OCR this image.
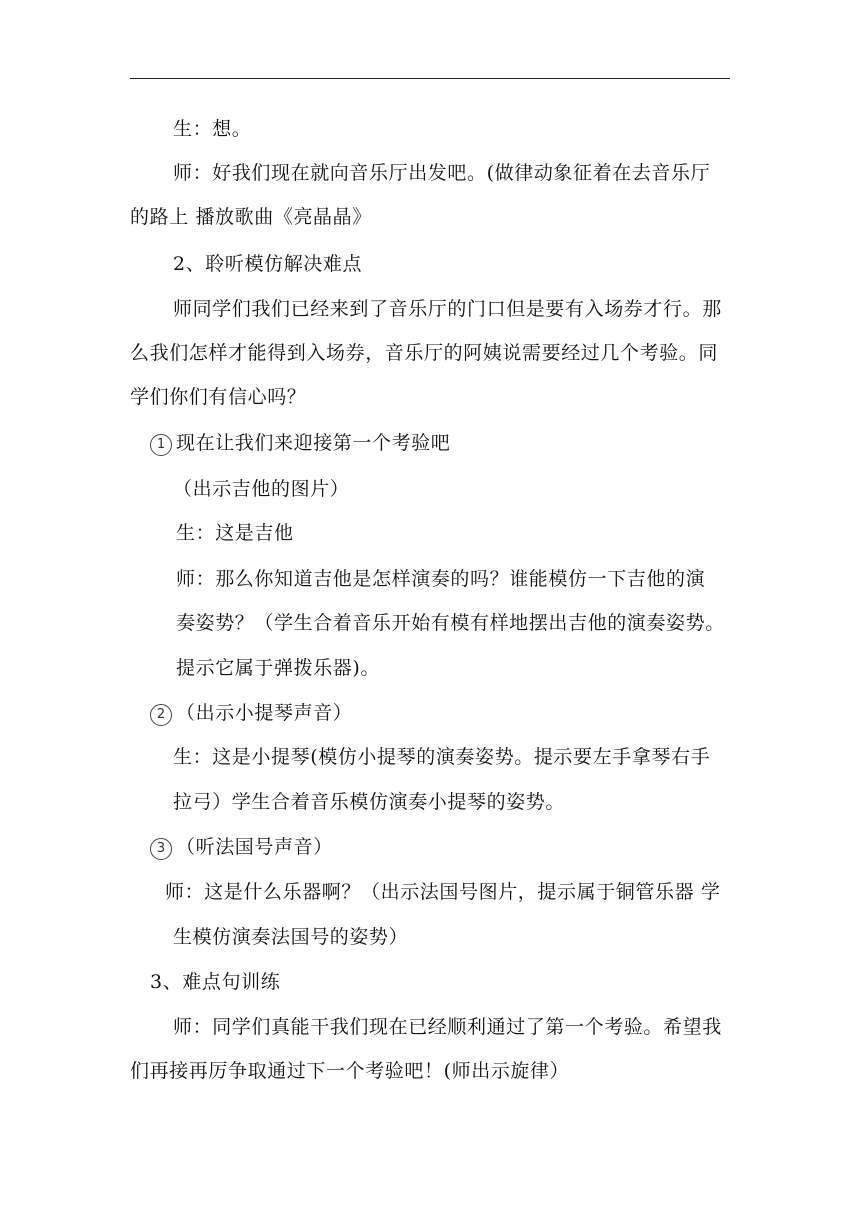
生：想。
师：好我们现在就向音乐厅出发吧。(做律动象征着在去音乐厅
的路上 播放歌曲《亮晶晶》
2、聆听模仿解决难点
师同学们我们已经来到了音乐厅的门口但是要有入场券才行。那
么我们怎样才能得到入场券，音乐厅的阿姨说需要经过几个考验。同
学们你们有信心吗？
1 现在让我们来迎接第一个考验吧
（出示吉他的图片）
生：这是吉他
师：那么你知道吉他是怎样演奏的吗？谁能模仿一下吉他的演
奏姿势？（学生合着音乐开始有模有样地摆出吉他的演奏姿势。
提示它属于弹拨乐器)。
2 （出示小提琴声音）
生：这是小提琴(模仿小提琴的演奏姿势。提示要左手拿琴右手
拉弓）学生合着音乐模仿演奏小提琴的姿势。
3 （听法国号声音）
师：这是什么乐器啊？（出示法国号图片，提示属于铜管乐器 学
生模仿演奏法国号的姿势）
3、难点句训练
师：同学们真能干我们现在已经顺利通过了第一个考验。希望我
们再接再厉争取通过下一个考验吧！(师出示旋律）
